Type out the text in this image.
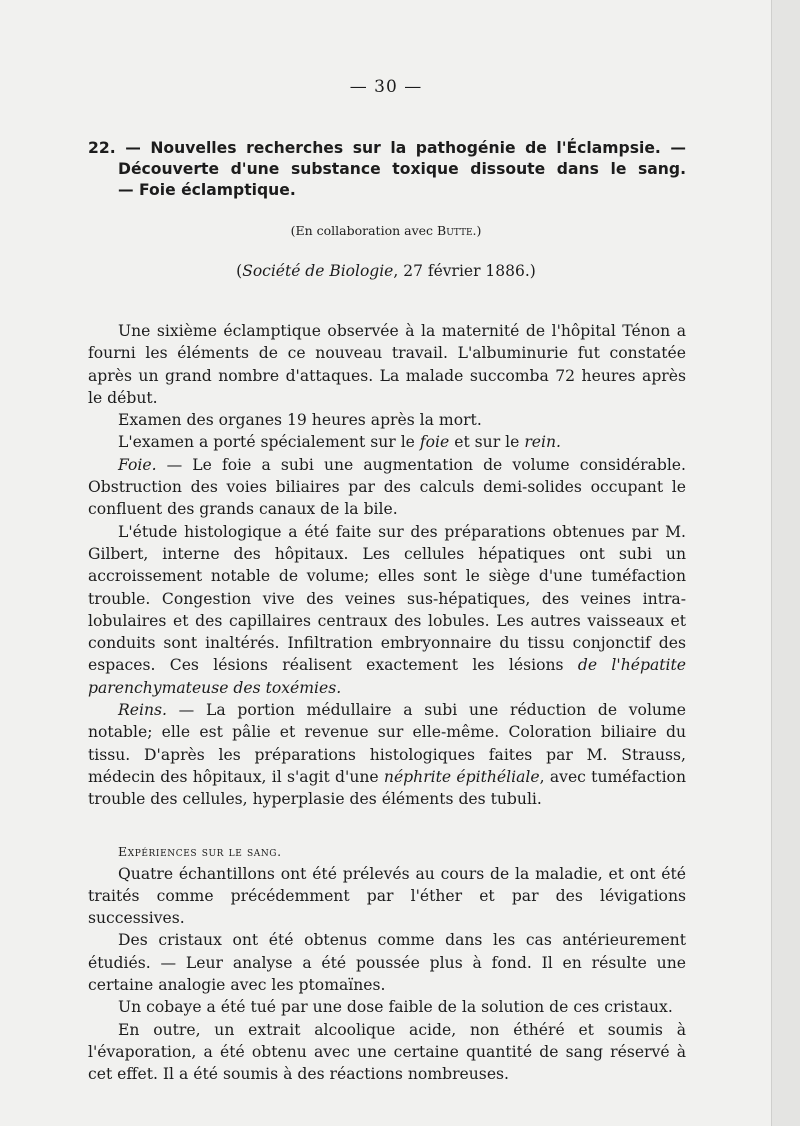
— 30 —
22. — Nouvelles recherches sur la pathogénie de l'Éclampsie. —
Découverte d'une substance toxique dissoute dans le sang.
— Foie éclamptique.
(En collaboration avec Butte.)
(Société de Biologie, 27 février 1886.)

Une sixième éclamptique observée à la maternité de l'hôpital Ténon a fourni les éléments de ce nouveau travail. L'albuminurie fut constatée après un grand nombre d'attaques. La malade succomba 72 heures après le début.

Examen des organes 19 heures après la mort.

L'examen a porté spécialement sur le foie et sur le rein.

Foie. — Le foie a subi une augmentation de volume considérable. Obstruction des voies biliaires par des calculs demi-solides occupant le confluent des grands canaux de la bile.

L'étude histologique a été faite sur des préparations obtenues par M. Gilbert, interne des hôpitaux. Les cellules hépatiques ont subi un accroissement notable de volume; elles sont le siège d'une tuméfaction trouble. Congestion vive des veines sus-hépatiques, des veines intra-lobulaires et des capillaires centraux des lobules. Les autres vaisseaux et conduits sont inaltérés. Infiltration embryonnaire du tissu conjonctif des espaces. Ces lésions réalisent exactement les lésions de l'hépatite parenchymateuse des toxémies.

Reins. — La portion médullaire a subi une réduction de volume notable; elle est pâlie et revenue sur elle-même. Coloration biliaire du tissu. D'après les préparations histologiques faites par M. Strauss, médecin des hôpitaux, il s'agit d'une néphrite épithéliale, avec tuméfaction trouble des cellules, hyperplasie des éléments des tubuli.

Expériences sur le sang.

Quatre échantillons ont été prélevés au cours de la maladie, et ont été traités comme précédemment par l'éther et par des lévigations successives.

Des cristaux ont été obtenus comme dans les cas antérieurement étudiés. — Leur analyse a été poussée plus à fond. Il en résulte une certaine analogie avec les ptomaïnes.

Un cobaye a été tué par une dose faible de la solution de ces cristaux.

En outre, un extrait alcoolique acide, non éthéré et soumis à l'évaporation, a été obtenu avec une certaine quantité de sang réservé à cet effet. Il a été soumis à des réactions nombreuses.
